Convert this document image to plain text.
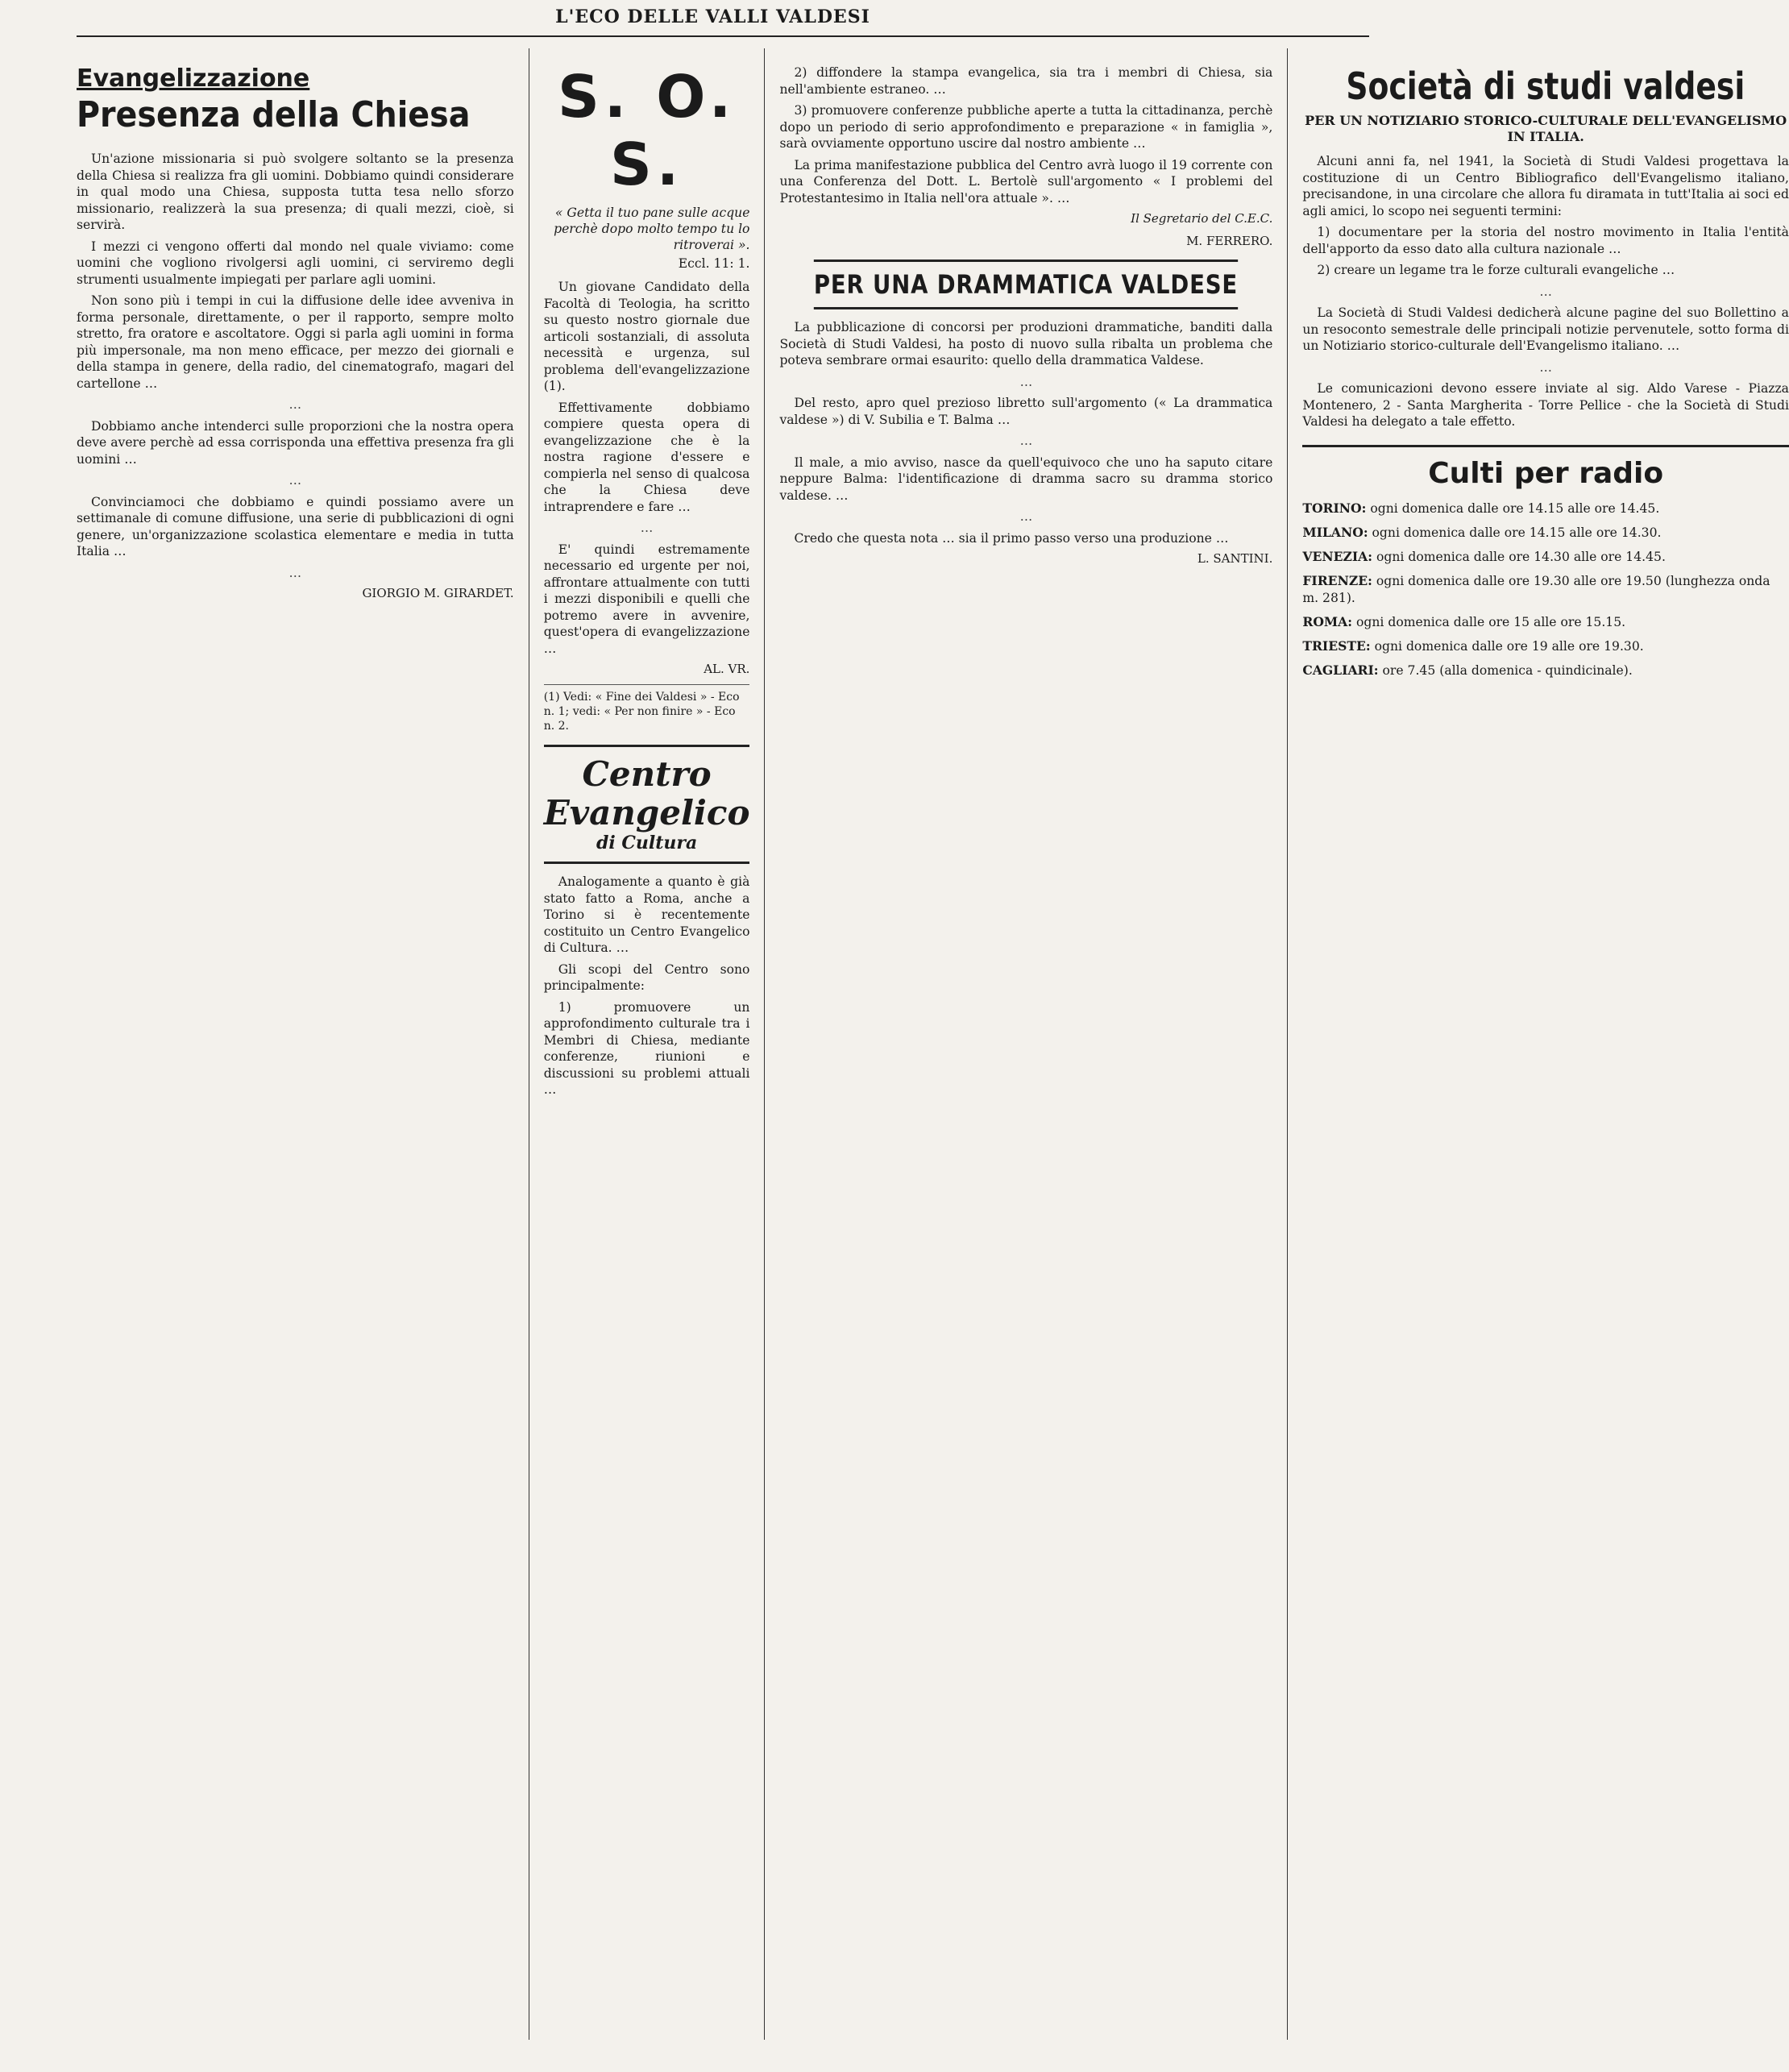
L'ECO DELLE VALLI VALDESI
Evangelizzazione
Presenza della Chiesa

Un'azione missionaria si può svolgere soltanto se la presenza della Chiesa si realizza fra gli uomini. Dobbiamo quindi considerare in qual modo una Chiesa, supposta tutta tesa nello sforzo missionario, realizzerà la sua presenza; di quali mezzi, cioè, si servirà.

I mezzi ci vengono offerti dal mondo nel quale viviamo: come uomini che vogliono rivolgersi agli uomini, ci serviremo degli strumenti usualmente impiegati per parlare agli uomini.

Non sono più i tempi in cui la diffusione delle idee avveniva in forma personale, direttamente, o per il rapporto, sempre molto stretto, fra oratore e ascoltatore. Oggi si parla agli uomini in forma più impersonale, ma non meno efficace, per mezzo dei giornali e della stampa in genere, della radio, del cinematografo, magari del cartellone …

…

Dobbiamo anche intenderci sulle proporzioni che la nostra opera deve avere perchè ad essa corrisponda una effettiva presenza fra gli uomini …

…

Convinciamoci che dobbiamo e quindi possiamo avere un settimanale di comune diffusione, una serie di pubblicazioni di ogni genere, un'organizzazione scolastica elementare e media in tutta Italia …

…

GIORGIO M. GIRARDET.
S. O. S.
« Getta il tuo pane sulle acque perchè dopo molto tempo tu lo ritroverai ».
Eccl. 11: 1.

Un giovane Candidato della Facoltà di Teologia, ha scritto su questo nostro giornale due articoli sostanziali, di assoluta necessità e urgenza, sul problema dell'evangelizzazione (1).

Effettivamente dobbiamo compiere questa opera di evangelizzazione che è la nostra ragione d'essere e compierla nel senso di qualcosa che la Chiesa deve intraprendere e fare …

…

E' quindi estremamente necessario ed urgente per noi, affrontare attualmente con tutti i mezzi disponibili e quelli che potremo avere in avvenire, quest'opera di evangelizzazione …

AL. VR.
(1) Vedi: « Fine dei Valdesi » - Eco n. 1; vedi: « Per non finire » - Eco n. 2.
Centro Evangelico
di Cultura

Analogamente a quanto è già stato fatto a Roma, anche a Torino si è recentemente costituito un Centro Evangelico di Cultura. …

Gli scopi del Centro sono principalmente:

1) promuovere un approfondimento culturale tra i Membri di Chiesa, mediante conferenze, riunioni e discussioni su problemi attuali …

2) diffondere la stampa evangelica, sia tra i membri di Chiesa, sia nell'ambiente estraneo. …

3) promuovere conferenze pubbliche aperte a tutta la cittadinanza, perchè dopo un periodo di serio approfondimento e preparazione « in famiglia », sarà ovviamente opportuno uscire dal nostro ambiente …

La prima manifestazione pubblica del Centro avrà luogo il 19 corrente con una Conferenza del Dott. L. Bertolè sull'argomento « I problemi del Protestantesimo in Italia nell'ora attuale ». …

Il Segretario del C.E.C.
M. FERRERO.
PER UNA DRAMMATICA VALDESE

La pubblicazione di concorsi per produzioni drammatiche, banditi dalla Società di Studi Valdesi, ha posto di nuovo sulla ribalta un problema che poteva sembrare ormai esaurito: quello della drammatica Valdese.

…

Del resto, apro quel prezioso libretto sull'argomento (« La drammatica valdese ») di V. Subilia e T. Balma …

…

Il male, a mio avviso, nasce da quell'equivoco che uno ha saputo citare neppure Balma: l'identificazione di dramma sacro su dramma storico valdese. …

…

Credo che questa nota … sia il primo passo verso una produzione …

L. SANTINI.
Società di studi valdesi
PER UN NOTIZIARIO STORICO-CULTURALE DELL'EVANGELISMO IN ITALIA.

Alcuni anni fa, nel 1941, la Società di Studi Valdesi progettava la costituzione di un Centro Bibliografico dell'Evangelismo italiano, precisandone, in una circolare che allora fu diramata in tutt'Italia ai soci ed agli amici, lo scopo nei seguenti termini:

1) documentare per la storia del nostro movimento in Italia l'entità dell'apporto da esso dato alla cultura nazionale …

2) creare un legame tra le forze culturali evangeliche …

…

La Società di Studi Valdesi dedicherà alcune pagine del suo Bollettino a un resoconto semestrale delle principali notizie pervenutele, sotto forma di un Notiziario storico-culturale dell'Evangelismo italiano. …

…

Le comunicazioni devono essere inviate al sig. Aldo Varese - Piazza Montenero, 2 - Santa Margherita - Torre Pellice - che la Società di Studi Valdesi ha delegato a tale effetto.

Culti per radio
TORINO: ogni domenica dalle ore 14.15 alle ore 14.45.
MILANO: ogni domenica dalle ore 14.15 alle ore 14.30.
VENEZIA: ogni domenica dalle ore 14.30 alle ore 14.45.
FIRENZE: ogni domenica dalle ore 19.30 alle ore 19.50 (lunghezza onda m. 281).
ROMA: ogni domenica dalle ore 15 alle ore 15.15.
TRIESTE: ogni domenica dalle ore 19 alle ore 19.30.
CAGLIARI: ore 7.45 (alla domenica - quindicinale).
